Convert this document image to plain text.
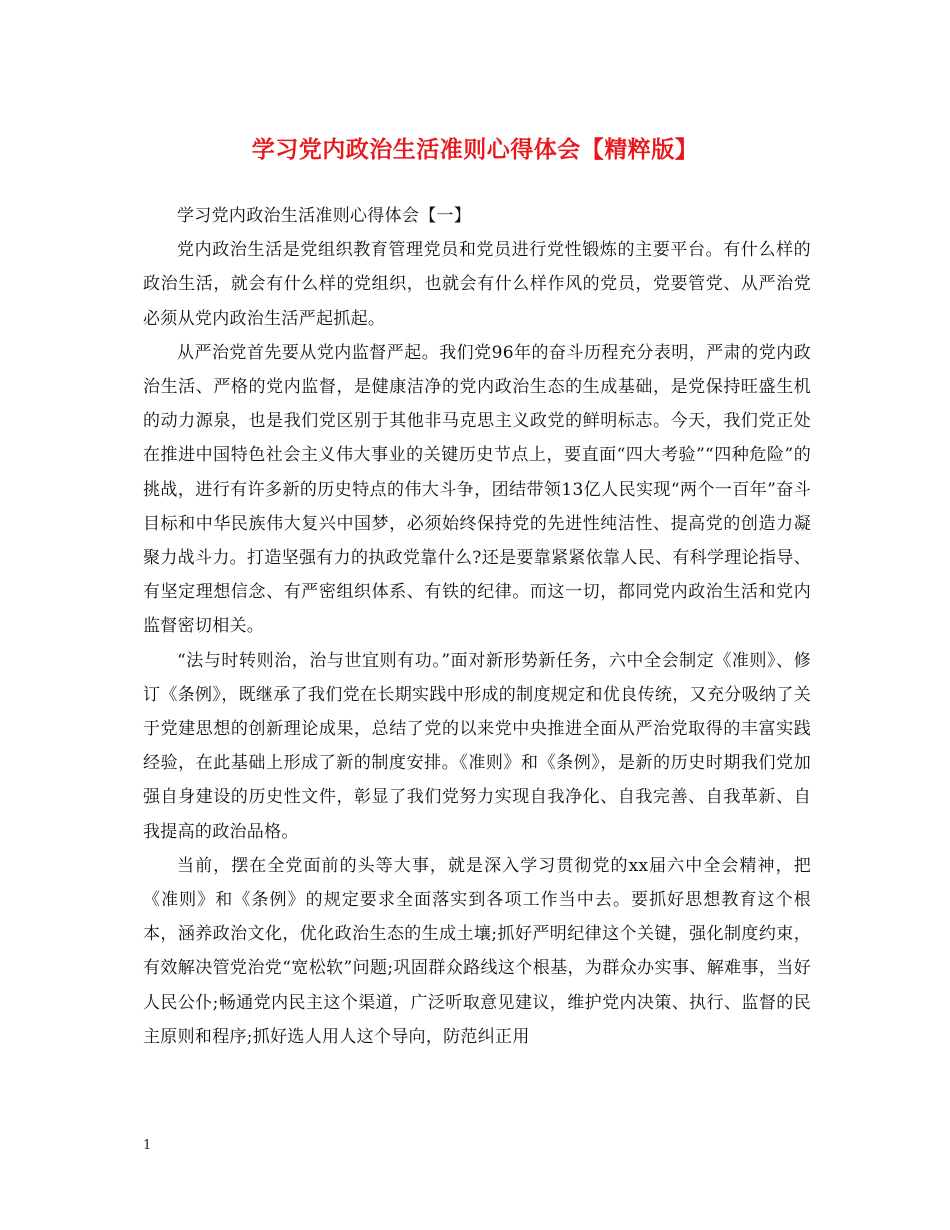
学习党内政治生活准则心得体会【精粹版】

学习党内政治生活准则心得体会【一】

党内政治生活是党组织教育管理党员和党员进行党性锻炼的主要平台。有什么样的政治生活，就会有什么样的党组织，也就会有什么样作风的党员，党要管党、从严治党必须从党内政治生活严起抓起。

从严治党首先要从党内监督严起。我们党96年的奋斗历程充分表明，严肃的党内政治生活、严格的党内监督，是健康洁净的党内政治生态的生成基础，是党保持旺盛生机的动力源泉，也是我们党区别于其他非马克思主义政党的鲜明标志。今天，我们党正处在推进中国特色社会主义伟大事业的关键历史节点上，要直面“四大考验”“四种危险”的挑战，进行有许多新的历史特点的伟大斗争，团结带领13亿人民实现“两个一百年”奋斗目标和中华民族伟大复兴中国梦，必须始终保持党的先进性纯洁性、提高党的创造力凝聚力战斗力。打造坚强有力的执政党靠什么?还是要靠紧紧依靠人民、有科学理论指导、有坚定理想信念、有严密组织体系、有铁的纪律。而这一切，都同党内政治生活和党内监督密切相关。

“法与时转则治，治与世宜则有功。”面对新形势新任务，六中全会制定《准则》、修订《条例》，既继承了我们党在长期实践中形成的制度规定和优良传统，又充分吸纳了关于党建思想的创新理论成果，总结了党的以来党中央推进全面从严治党取得的丰富实践经验，在此基础上形成了新的制度安排。《准则》和《条例》，是新的历史时期我们党加强自身建设的历史性文件，彰显了我们党努力实现自我净化、自我完善、自我革新、自我提高的政治品格。

当前，摆在全党面前的头等大事，就是深入学习贯彻党的xx届六中全会精神，把《准则》和《条例》的规定要求全面落实到各项工作当中去。要抓好思想教育这个根本，涵养政治文化，优化政治生态的生成土壤;抓好严明纪律这个关键，强化制度约束，有效解决管党治党“宽松软”问题;巩固群众路线这个根基，为群众办实事、解难事，当好人民公仆;畅通党内民主这个渠道，广泛听取意见建议，维护党内决策、执行、监督的民主原则和程序;抓好选人用人这个导向，防范纠正用

1
